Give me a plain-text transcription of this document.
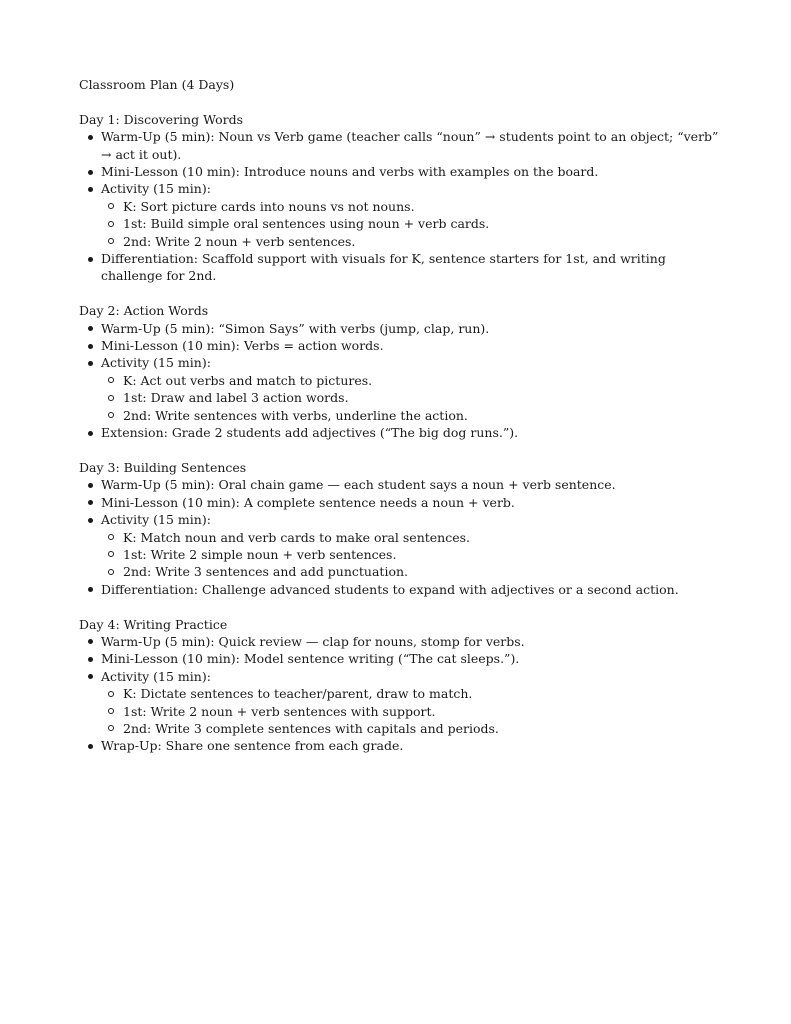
Classroom Plan (4 Days)

Day 1: Discovering Words

Warm-Up (5 min): Noun vs Verb game (teacher calls “noun” → students point to an object; “verb” → act it out).
Mini-Lesson (10 min): Introduce nouns and verbs with examples on the board.
Activity (15 min):
K: Sort picture cards into nouns vs not nouns.
1st: Build simple oral sentences using noun + verb cards.
2nd: Write 2 noun + verb sentences.
Differentiation: Scaffold support with visuals for K, sentence starters for 1st, and writing challenge for 2nd.

Day 2: Action Words

Warm-Up (5 min): “Simon Says” with verbs (jump, clap, run).
Mini-Lesson (10 min): Verbs = action words.
Activity (15 min):
K: Act out verbs and match to pictures.
1st: Draw and label 3 action words.
2nd: Write sentences with verbs, underline the action.
Extension: Grade 2 students add adjectives (“The big dog runs.”).

Day 3: Building Sentences

Warm-Up (5 min): Oral chain game — each student says a noun + verb sentence.
Mini-Lesson (10 min): A complete sentence needs a noun + verb.
Activity (15 min):
K: Match noun and verb cards to make oral sentences.
1st: Write 2 simple noun + verb sentences.
2nd: Write 3 sentences and add punctuation.
Differentiation: Challenge advanced students to expand with adjectives or a second action.

Day 4: Writing Practice

Warm-Up (5 min): Quick review — clap for nouns, stomp for verbs.
Mini-Lesson (10 min): Model sentence writing (“The cat sleeps.”).
Activity (15 min):
K: Dictate sentences to teacher/parent, draw to match.
1st: Write 2 noun + verb sentences with support.
2nd: Write 3 complete sentences with capitals and periods.
Wrap-Up: Share one sentence from each grade.
